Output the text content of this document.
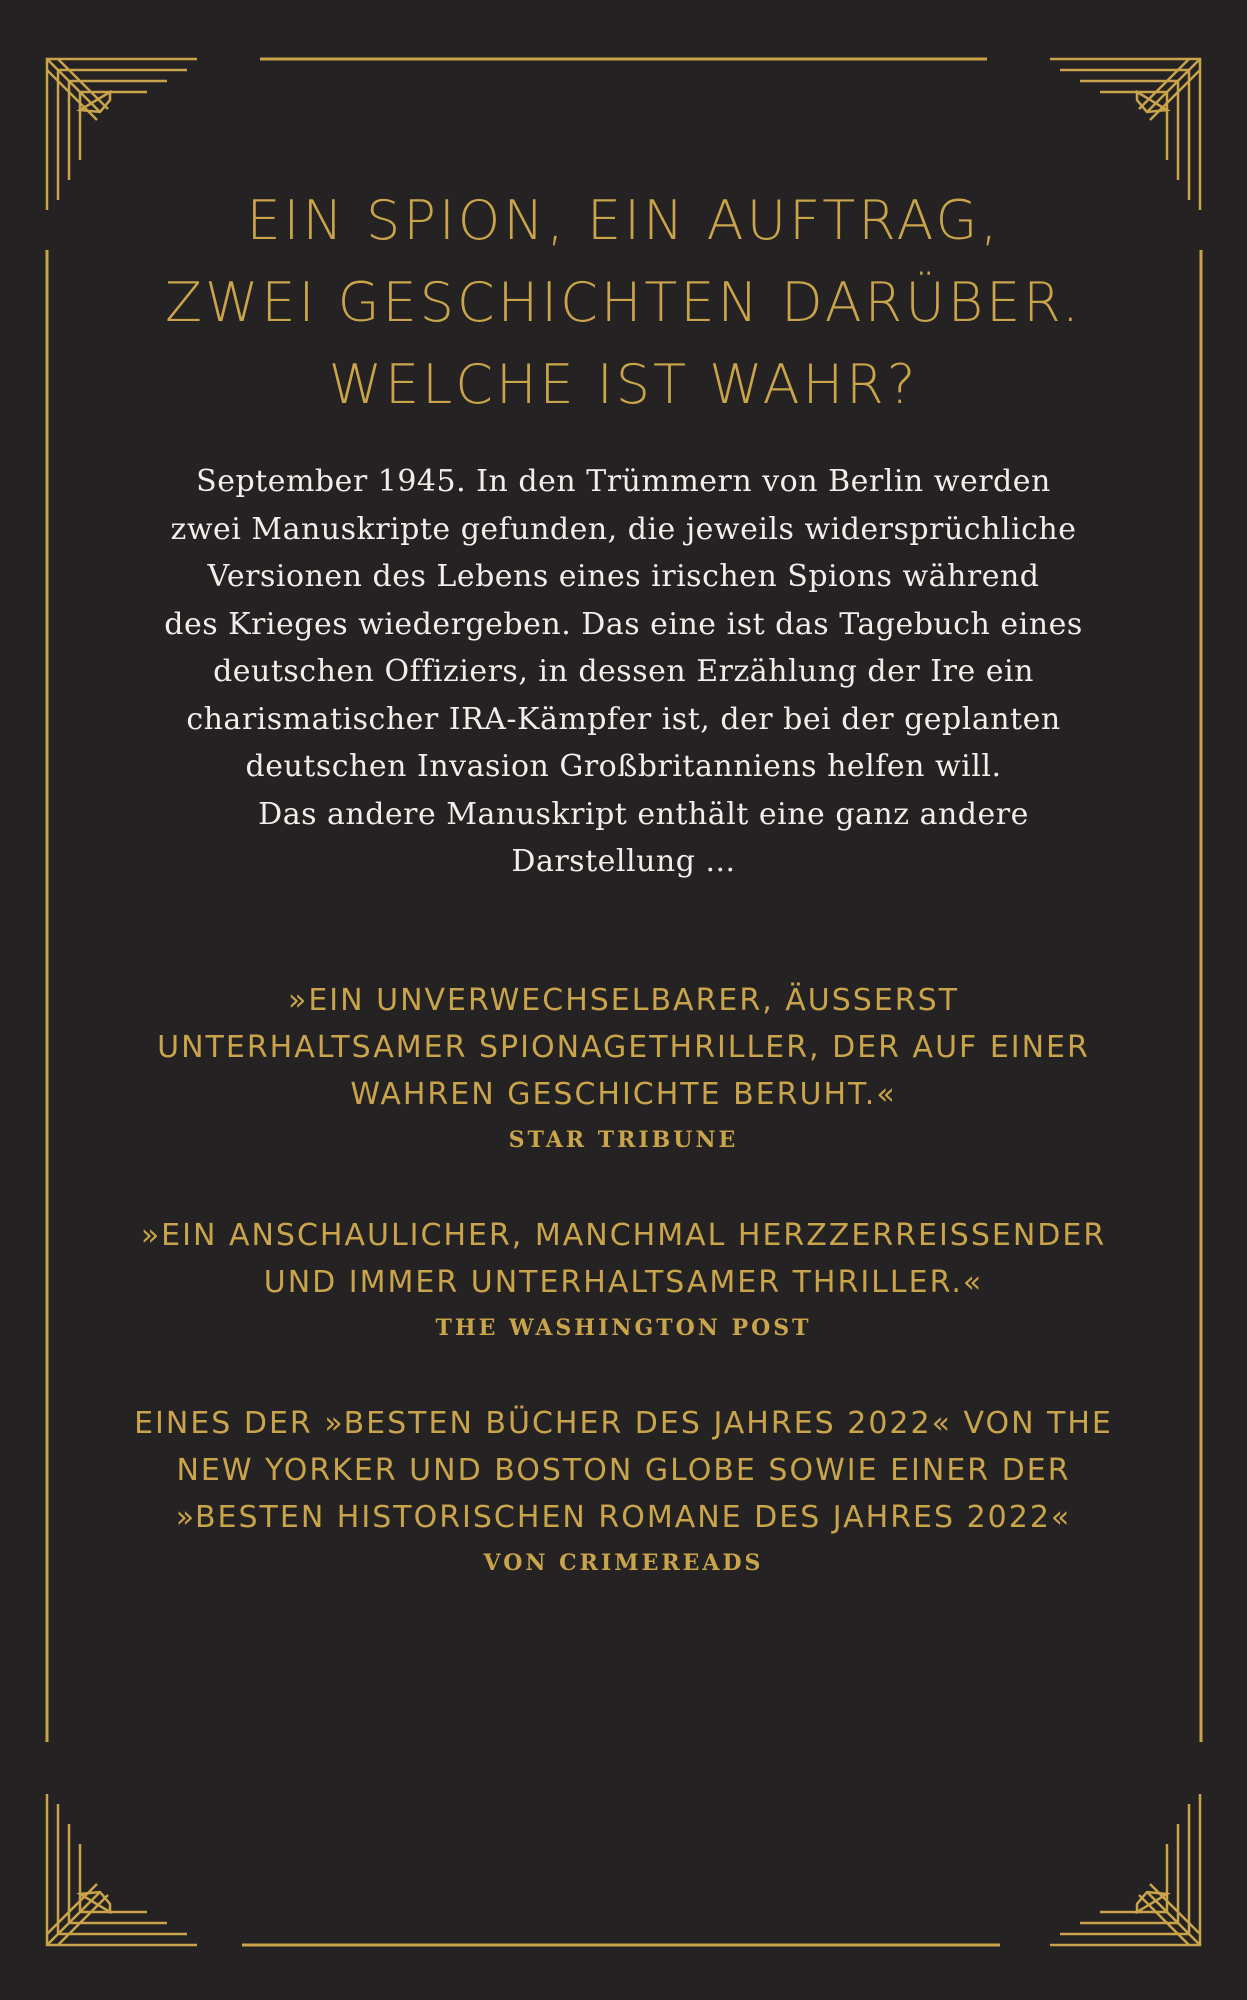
EIN SPION, EIN AUFTRAG,
ZWEI GESCHICHTEN DARÜBER.
WELCHE IST WAHR?
September 1945. In den Trümmern von Berlin werden
zwei Manuskripte gefunden, die jeweils widersprüchliche
Versionen des Lebens eines irischen Spions während
des Krieges wiedergeben. Das eine ist das Tagebuch eines
deutschen Offiziers, in dessen Erzählung der Ire ein
charismatischer IRA-Kämpfer ist, der bei der geplanten
deutschen Invasion Großbritanniens helfen will.
Das andere Manuskript enthält eine ganz andere
Darstellung ...
»EIN UNVERWECHSELBARER, ÄUSSERST
UNTERHALTSAMER SPIONAGETHRILLER, DER AUF EINER
WAHREN GESCHICHTE BERUHT.«
STAR TRIBUNE
»EIN ANSCHAULICHER, MANCHMAL HERZZERREISSENDER
UND IMMER UNTERHALTSAMER THRILLER.«
THE WASHINGTON POST
EINES DER »BESTEN BÜCHER DES JAHRES 2022« VON THE
NEW YORKER UND BOSTON GLOBE SOWIE EINER DER
»BESTEN HISTORISCHEN ROMANE DES JAHRES 2022«
VON CRIMEREADS
